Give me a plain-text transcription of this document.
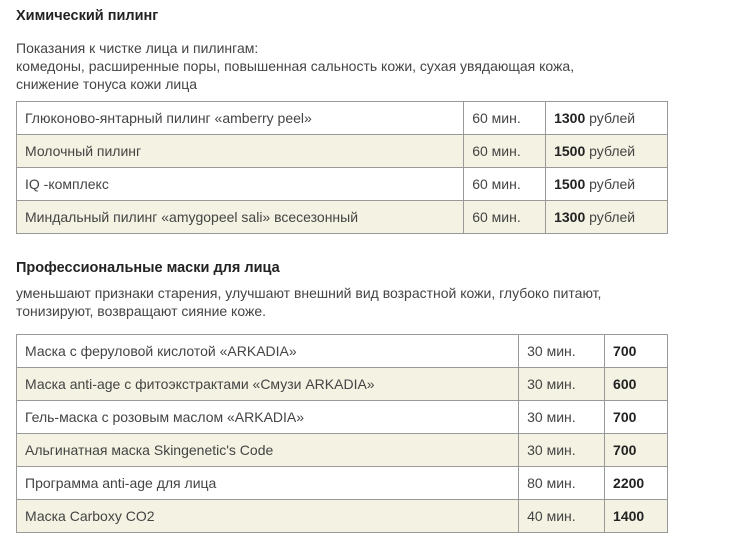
Химический пилинг

Показания к чистке лица и пилингам:
комедоны, расширенные поры, повышенная сальность кожи, сухая увядающая кожа,
снижение тонуса кожи лица

Глюконово-янтарный пилинг «amberry peel»	60 мин.	1300 рублей
Молочный пилинг	60 мин.	1500 рублей
IQ -комплекс	60 мин.	1500 рублей
Миндальный пилинг «amygopeel sali» всесезонный	60 мин.	1300 рублей
Профессиональные маски для лица

уменьшают признаки старения, улучшают внешний вид возрастной кожи, глубоко питают,
тонизируют, возвращают сияние коже.

Маска с феруловой кислотой «ARKADIA»	30 мин.	700
Маска anti-age с фитоэкстрактами «Смузи ARKADIA»	30 мин.	600
Гель-маска с розовым маслом «ARKADIA»	30 мин.	700
Альгинатная маска Skingenetic's Code	30 мин.	700
Программа anti-age для лица	80 мин.	2200
Маска Carboxy CO2	40 мин.	1400
